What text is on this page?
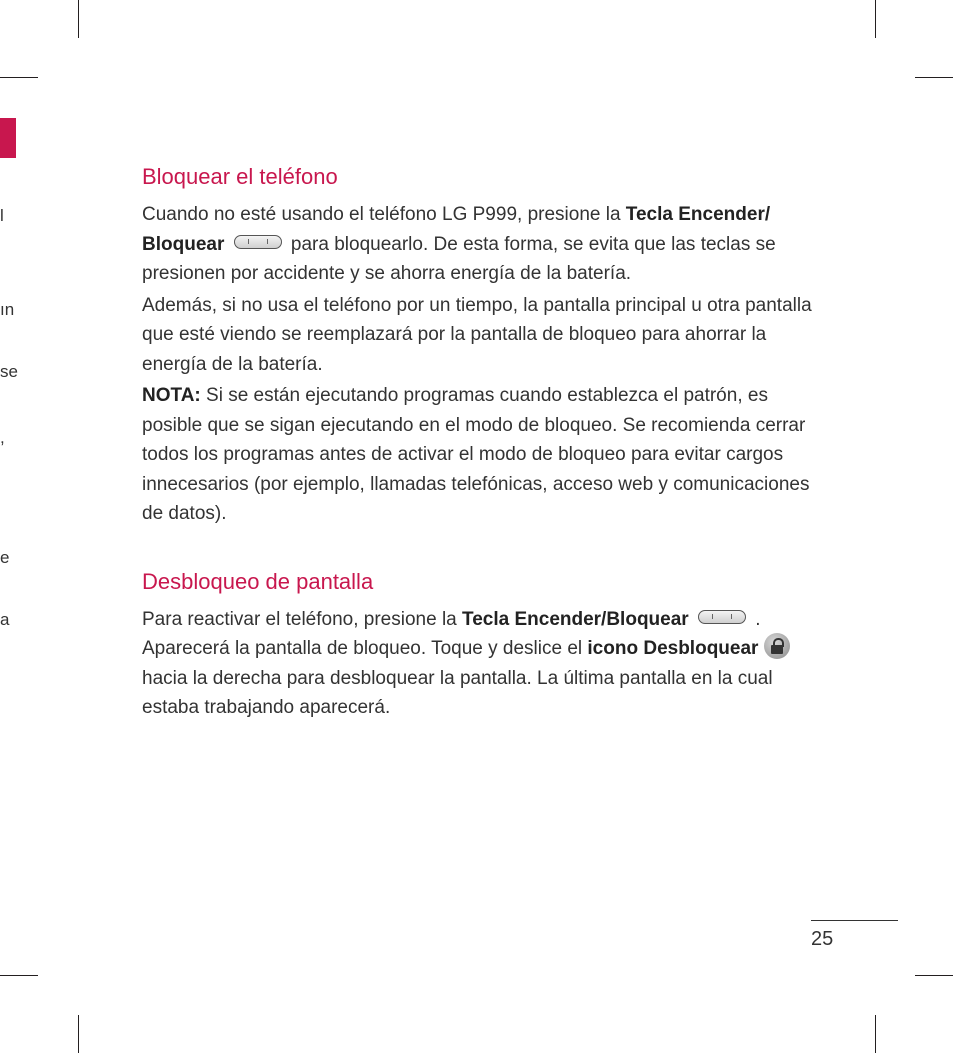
l
ın
se
,
e
a
Bloquear el teléfono

Cuando no esté usando el teléfono LG P999, presione la Tecla Encender/ Bloquear	para bloquearlo. De esta forma, se evita que las teclas se presionen por accidente y se ahorra energía de la batería.

Además, si no usa el teléfono por un tiempo, la pantalla principal u otra pantalla que esté viendo se reemplazará por la pantalla de bloqueo para ahorrar la energía de la batería.

NOTA: Si se están ejecutando programas cuando establezca el patrón, es posible que se sigan ejecutando en el modo de bloqueo. Se recomienda cerrar todos los programas antes de activar el modo de bloqueo para evitar cargos innecesarios (por ejemplo, llamadas telefónicas, acceso web y comunicaciones de datos).

Desbloqueo de pantalla

Para reactivar el teléfono, presione la Tecla Encender/Bloquear	. Aparecerá la pantalla de bloqueo. Toque y deslice el icono Desbloquear  hacia la derecha para desbloquear la pantalla. La última pantalla en la cual estaba trabajando aparecerá.

25
